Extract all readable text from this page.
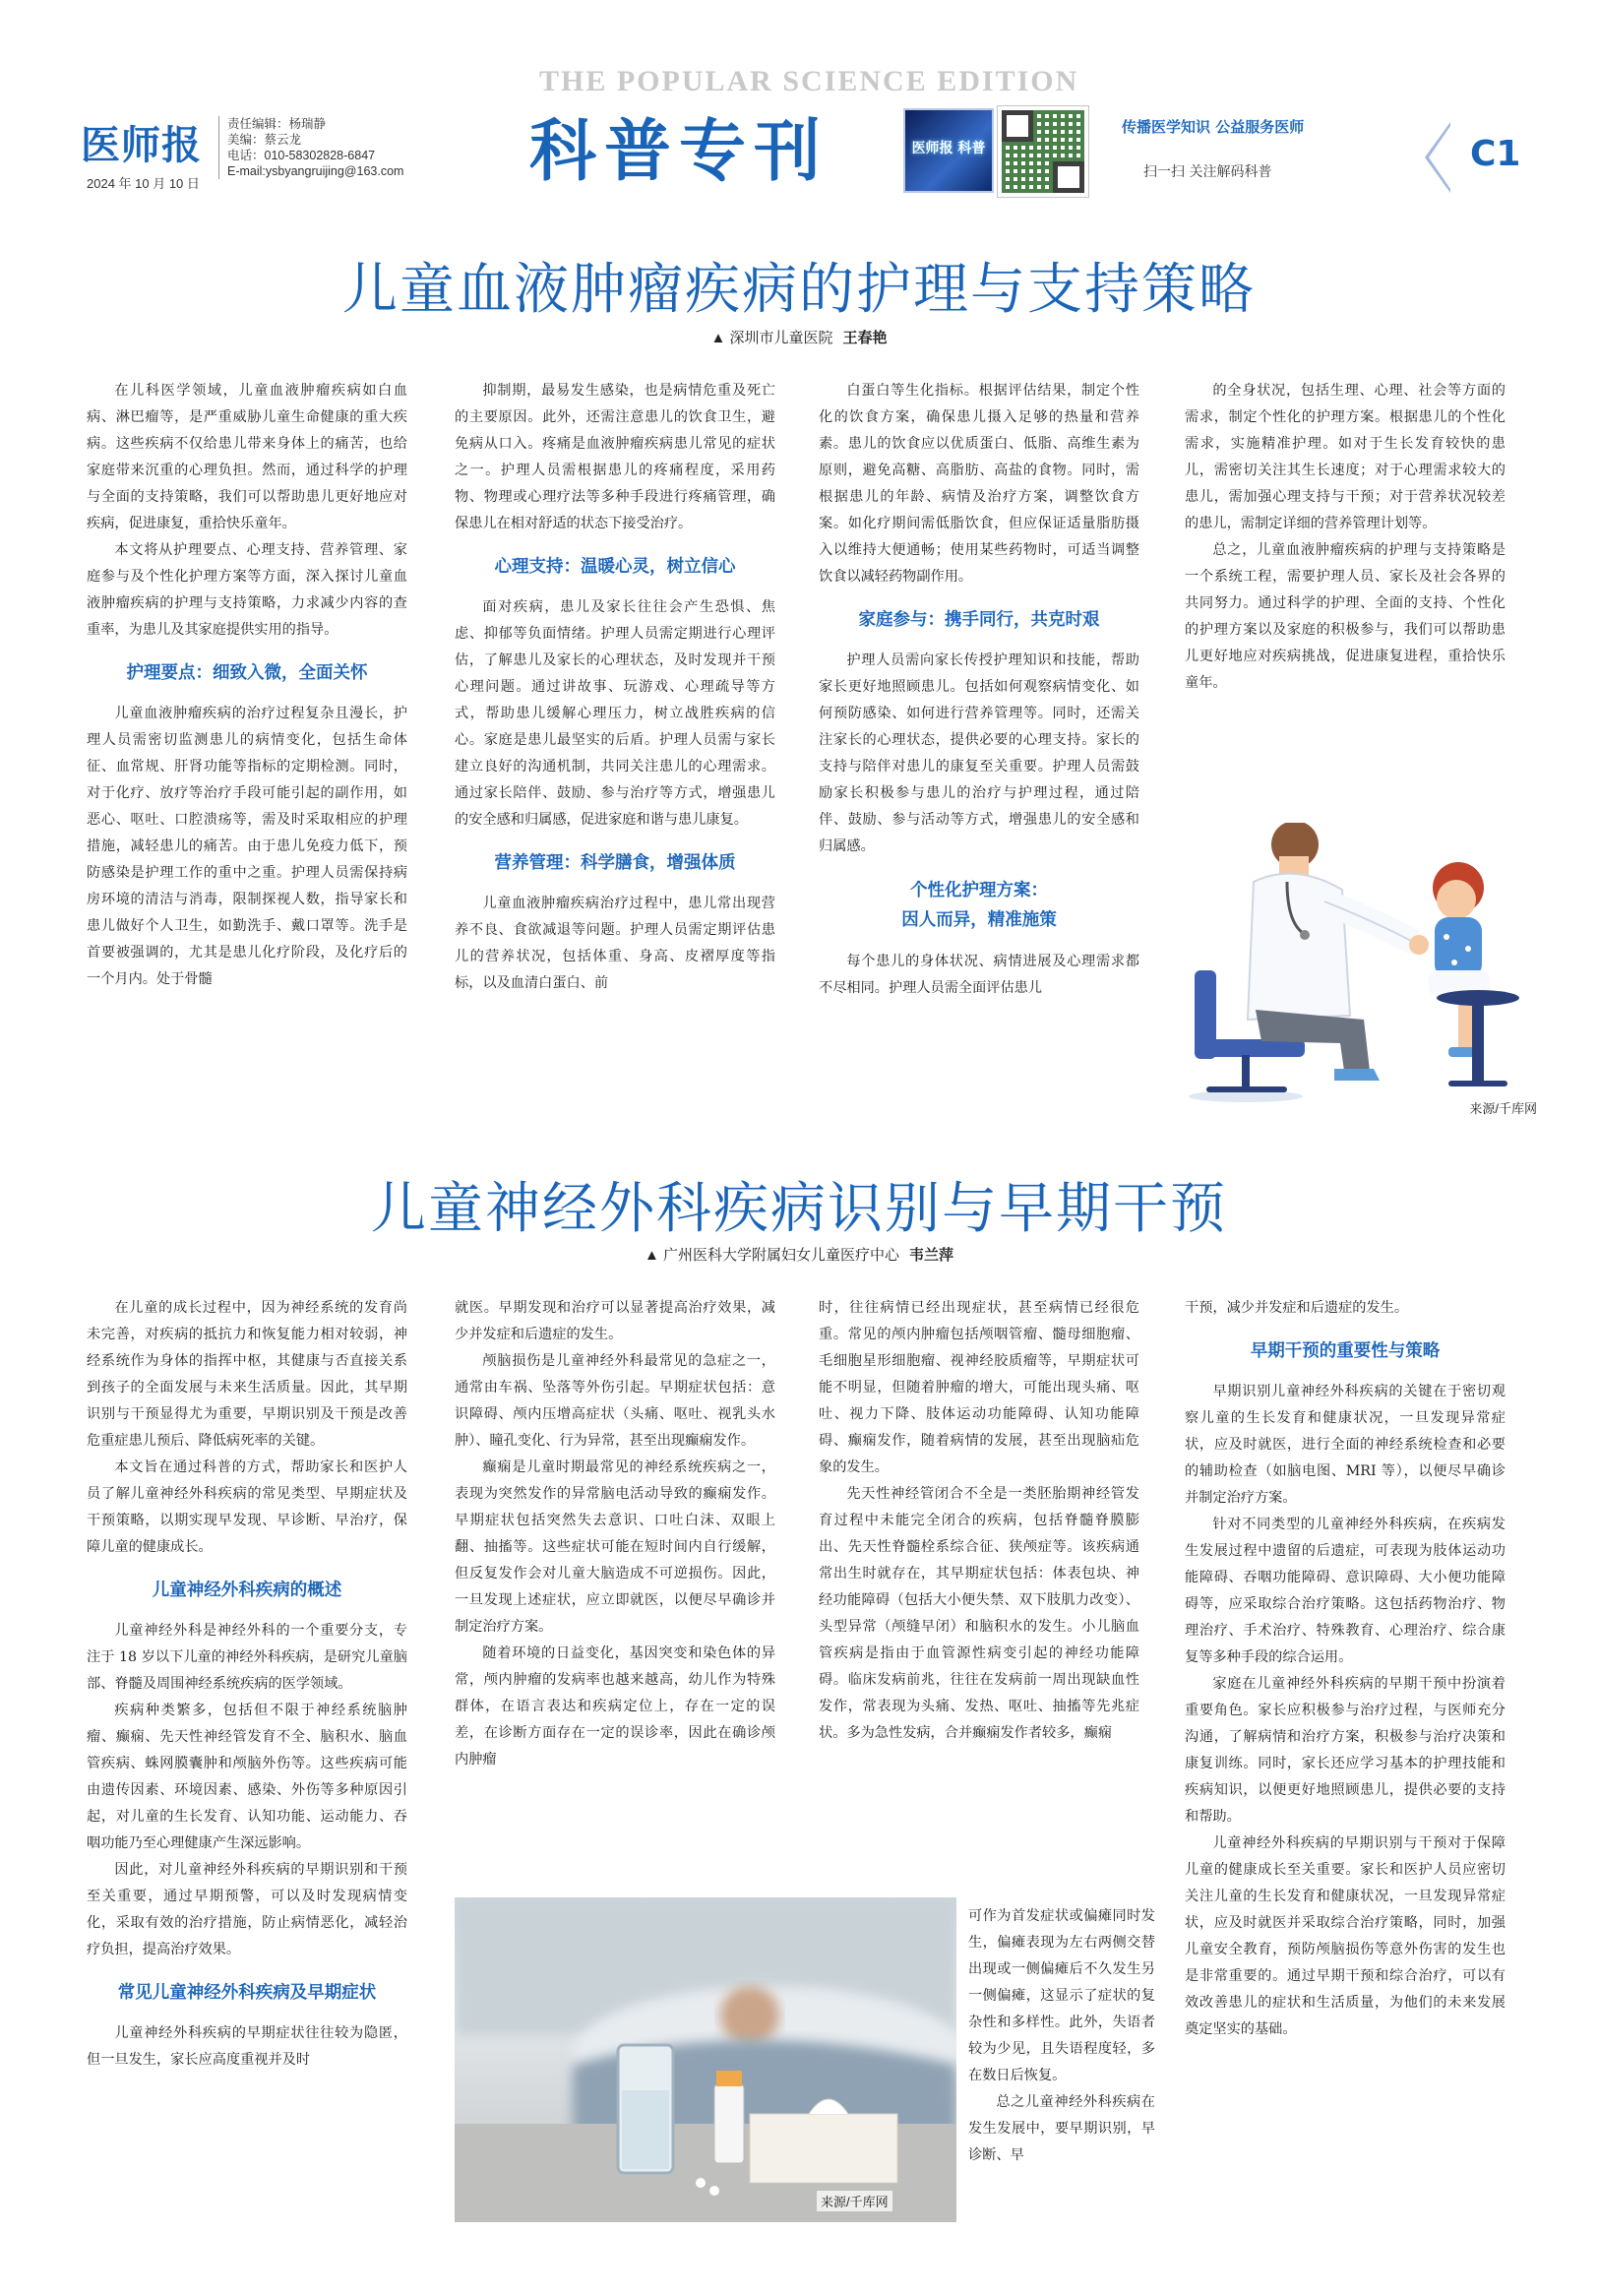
医师报
2024 年 10 月 10 日
责任编辑：杨瑞静
美编：蔡云龙
电话：010-58302828-6847
E-mail:ysbyangruijing@163.com
THE POPULAR SCIENCE EDITION
科普专刊	医师报 科普
传播医学知识 公益服务医师
扫一扫 关注解码科普	C1
儿童血液肿瘤疾病的护理与支持策略
▲ 深圳市儿童医院 王春艳

在儿科医学领域，儿童血液肿瘤疾病如白血病、淋巴瘤等，是严重威胁儿童生命健康的重大疾病。这些疾病不仅给患儿带来身体上的痛苦，也给家庭带来沉重的心理负担。然而，通过科学的护理与全面的支持策略，我们可以帮助患儿更好地应对疾病，促进康复，重拾快乐童年。

本文将从护理要点、心理支持、营养管理、家庭参与及个性化护理方案等方面，深入探讨儿童血液肿瘤疾病的护理与支持策略，力求减少内容的查重率，为患儿及其家庭提供实用的指导。

护理要点：细致入微，全面关怀

儿童血液肿瘤疾病的治疗过程复杂且漫长，护理人员需密切监测患儿的病情变化，包括生命体征、血常规、肝肾功能等指标的定期检测。同时，对于化疗、放疗等治疗手段可能引起的副作用，如恶心、呕吐、口腔溃疡等，需及时采取相应的护理措施，减轻患儿的痛苦。由于患儿免疫力低下，预防感染是护理工作的重中之重。护理人员需保持病房环境的清洁与消毒，限制探视人数，指导家长和患儿做好个人卫生，如勤洗手、戴口罩等。洗手是首要被强调的，尤其是患儿化疗阶段，及化疗后的一个月内。处于骨髓

抑制期，最易发生感染，也是病情危重及死亡的主要原因。此外，还需注意患儿的饮食卫生，避免病从口入。疼痛是血液肿瘤疾病患儿常见的症状之一。护理人员需根据患儿的疼痛程度，采用药物、物理或心理疗法等多种手段进行疼痛管理，确保患儿在相对舒适的状态下接受治疗。

心理支持：温暖心灵，树立信心

面对疾病，患儿及家长往往会产生恐惧、焦虑、抑郁等负面情绪。护理人员需定期进行心理评估，了解患儿及家长的心理状态，及时发现并干预心理问题。通过讲故事、玩游戏、心理疏导等方式，帮助患儿缓解心理压力，树立战胜疾病的信心。家庭是患儿最坚实的后盾。护理人员需与家长建立良好的沟通机制，共同关注患儿的心理需求。通过家长陪伴、鼓励、参与治疗等方式，增强患儿的安全感和归属感，促进家庭和谐与患儿康复。

营养管理：科学膳食，增强体质

儿童血液肿瘤疾病治疗过程中，患儿常出现营养不良、食欲减退等问题。护理人员需定期评估患儿的营养状况，包括体重、身高、皮褶厚度等指标，以及血清白蛋白、前

白蛋白等生化指标。根据评估结果，制定个性化的饮食方案，确保患儿摄入足够的热量和营养素。患儿的饮食应以优质蛋白、低脂、高维生素为原则，避免高糖、高脂肪、高盐的食物。同时，需根据患儿的年龄、病情及治疗方案，调整饮食方案。如化疗期间需低脂饮食，但应保证适量脂肪摄入以维持大便通畅；使用某些药物时，可适当调整饮食以减轻药物副作用。

家庭参与：携手同行，共克时艰

护理人员需向家长传授护理知识和技能，帮助家长更好地照顾患儿。包括如何观察病情变化、如何预防感染、如何进行营养管理等。同时，还需关注家长的心理状态，提供必要的心理支持。家长的支持与陪伴对患儿的康复至关重要。护理人员需鼓励家长积极参与患儿的治疗与护理过程，通过陪伴、鼓励、参与活动等方式，增强患儿的安全感和归属感。

个性化护理方案：
因人而异，精准施策

每个患儿的身体状况、病情进展及心理需求都不尽相同。护理人员需全面评估患儿

的全身状况，包括生理、心理、社会等方面的需求，制定个性化的护理方案。根据患儿的个性化需求，实施精准护理。如对于生长发育较快的患儿，需密切关注其生长速度；对于心理需求较大的患儿，需加强心理支持与干预；对于营养状况较差的患儿，需制定详细的营养管理计划等。

总之，儿童血液肿瘤疾病的护理与支持策略是一个系统工程，需要护理人员、家长及社会各界的共同努力。通过科学的护理、全面的支持、个性化的护理方案以及家庭的积极参与，我们可以帮助患儿更好地应对疾病挑战，促进康复进程，重拾快乐童年。

来源/千库网
儿童神经外科疾病识别与早期干预
▲ 广州医科大学附属妇女儿童医疗中心 韦兰萍

在儿童的成长过程中，因为神经系统的发育尚未完善，对疾病的抵抗力和恢复能力相对较弱，神经系统作为身体的指挥中枢，其健康与否直接关系到孩子的全面发展与未来生活质量。因此，其早期识别与干预显得尤为重要，早期识别及干预是改善危重症患儿预后、降低病死率的关键。

本文旨在通过科普的方式，帮助家长和医护人员了解儿童神经外科疾病的常见类型、早期症状及干预策略，以期实现早发现、早诊断、早治疗，保障儿童的健康成长。

儿童神经外科疾病的概述

儿童神经外科是神经外科的一个重要分支，专注于 18 岁以下儿童的神经外科疾病，是研究儿童脑部、脊髓及周围神经系统疾病的医学领域。

疾病种类繁多，包括但不限于神经系统脑肿瘤、癫痫、先天性神经管发育不全、脑积水、脑血管疾病、蛛网膜囊肿和颅脑外伤等。这些疾病可能由遗传因素、环境因素、感染、外伤等多种原因引起，对儿童的生长发育、认知功能、运动能力、吞咽功能乃至心理健康产生深远影响。

因此，对儿童神经外科疾病的早期识别和干预至关重要，通过早期预警，可以及时发现病情变化，采取有效的治疗措施，防止病情恶化，减轻治疗负担，提高治疗效果。

常见儿童神经外科疾病及早期症状

儿童神经外科疾病的早期症状往往较为隐匿，但一旦发生，家长应高度重视并及时

就医。早期发现和治疗可以显著提高治疗效果，减少并发症和后遗症的发生。

颅脑损伤是儿童神经外科最常见的急症之一，通常由车祸、坠落等外伤引起。早期症状包括：意识障碍、颅内压增高症状（头痛、呕吐、视乳头水肿）、瞳孔变化、行为异常，甚至出现癫痫发作。

癫痫是儿童时期最常见的神经系统疾病之一，表现为突然发作的异常脑电活动导致的癫痫发作。早期症状包括突然失去意识、口吐白沫、双眼上翻、抽搐等。这些症状可能在短时间内自行缓解，但反复发作会对儿童大脑造成不可逆损伤。因此，一旦发现上述症状，应立即就医，以便尽早确诊并制定治疗方案。

随着环境的日益变化，基因突变和染色体的异常，颅内肿瘤的发病率也越来越高，幼儿作为特殊群体，在语言表达和疾病定位上，存在一定的误差，在诊断方面存在一定的误诊率，因此在确诊颅内肿瘤

时，往往病情已经出现症状，甚至病情已经很危重。常见的颅内肿瘤包括颅咽管瘤、髓母细胞瘤、毛细胞星形细胞瘤、视神经胶质瘤等，早期症状可能不明显，但随着肿瘤的增大，可能出现头痛、呕吐、视力下降、肢体运动功能障碍、认知功能障碍、癫痫发作，随着病情的发展，甚至出现脑疝危象的发生。

先天性神经管闭合不全是一类胚胎期神经管发育过程中未能完全闭合的疾病，包括脊髓脊膜膨出、先天性脊髓栓系综合征、狭颅症等。该疾病通常出生时就存在，其早期症状包括：体表包块、神经功能障碍（包括大小便失禁、双下肢肌力改变）、头型异常（颅缝早闭）和脑积水的发生。小儿脑血管疾病是指由于血管源性病变引起的神经功能障碍。临床发病前兆，往往在发病前一周出现缺血性发作，常表现为头痛、发热、呕吐、抽搐等先兆症状。多为急性发病，合并癫痫发作者较多，癫痫

可作为首发症状或偏瘫同时发生，偏瘫表现为左右两侧交替出现或一侧偏瘫后不久发生另一侧偏瘫，这显示了症状的复杂性和多样性。此外，失语者较为少见，且失语程度轻，多在数日后恢复。

总之儿童神经外科疾病在发生发展中，要早期识别，早诊断、早

干预，减少并发症和后遗症的发生。

早期干预的重要性与策略

早期识别儿童神经外科疾病的关键在于密切观察儿童的生长发育和健康状况，一旦发现异常症状，应及时就医，进行全面的神经系统检查和必要的辅助检查（如脑电图、MRI 等），以便尽早确诊并制定治疗方案。

针对不同类型的儿童神经外科疾病，在疾病发生发展过程中遗留的后遗症，可表现为肢体运动功能障碍、吞咽功能障碍、意识障碍、大小便功能障碍等，应采取综合治疗策略。这包括药物治疗、物理治疗、手术治疗、特殊教育、心理治疗、综合康复等多种手段的综合运用。

家庭在儿童神经外科疾病的早期干预中扮演着重要角色。家长应积极参与治疗过程，与医师充分沟通，了解病情和治疗方案，积极参与治疗决策和康复训练。同时，家长还应学习基本的护理技能和疾病知识，以便更好地照顾患儿，提供必要的支持和帮助。

儿童神经外科疾病的早期识别与干预对于保障儿童的健康成长至关重要。家长和医护人员应密切关注儿童的生长发育和健康状况，一旦发现异常症状，应及时就医并采取综合治疗策略，同时，加强儿童安全教育，预防颅脑损伤等意外伤害的发生也是非常重要的。通过早期干预和综合治疗，可以有效改善患儿的症状和生活质量，为他们的未来发展奠定坚实的基础。

来源/千库网
